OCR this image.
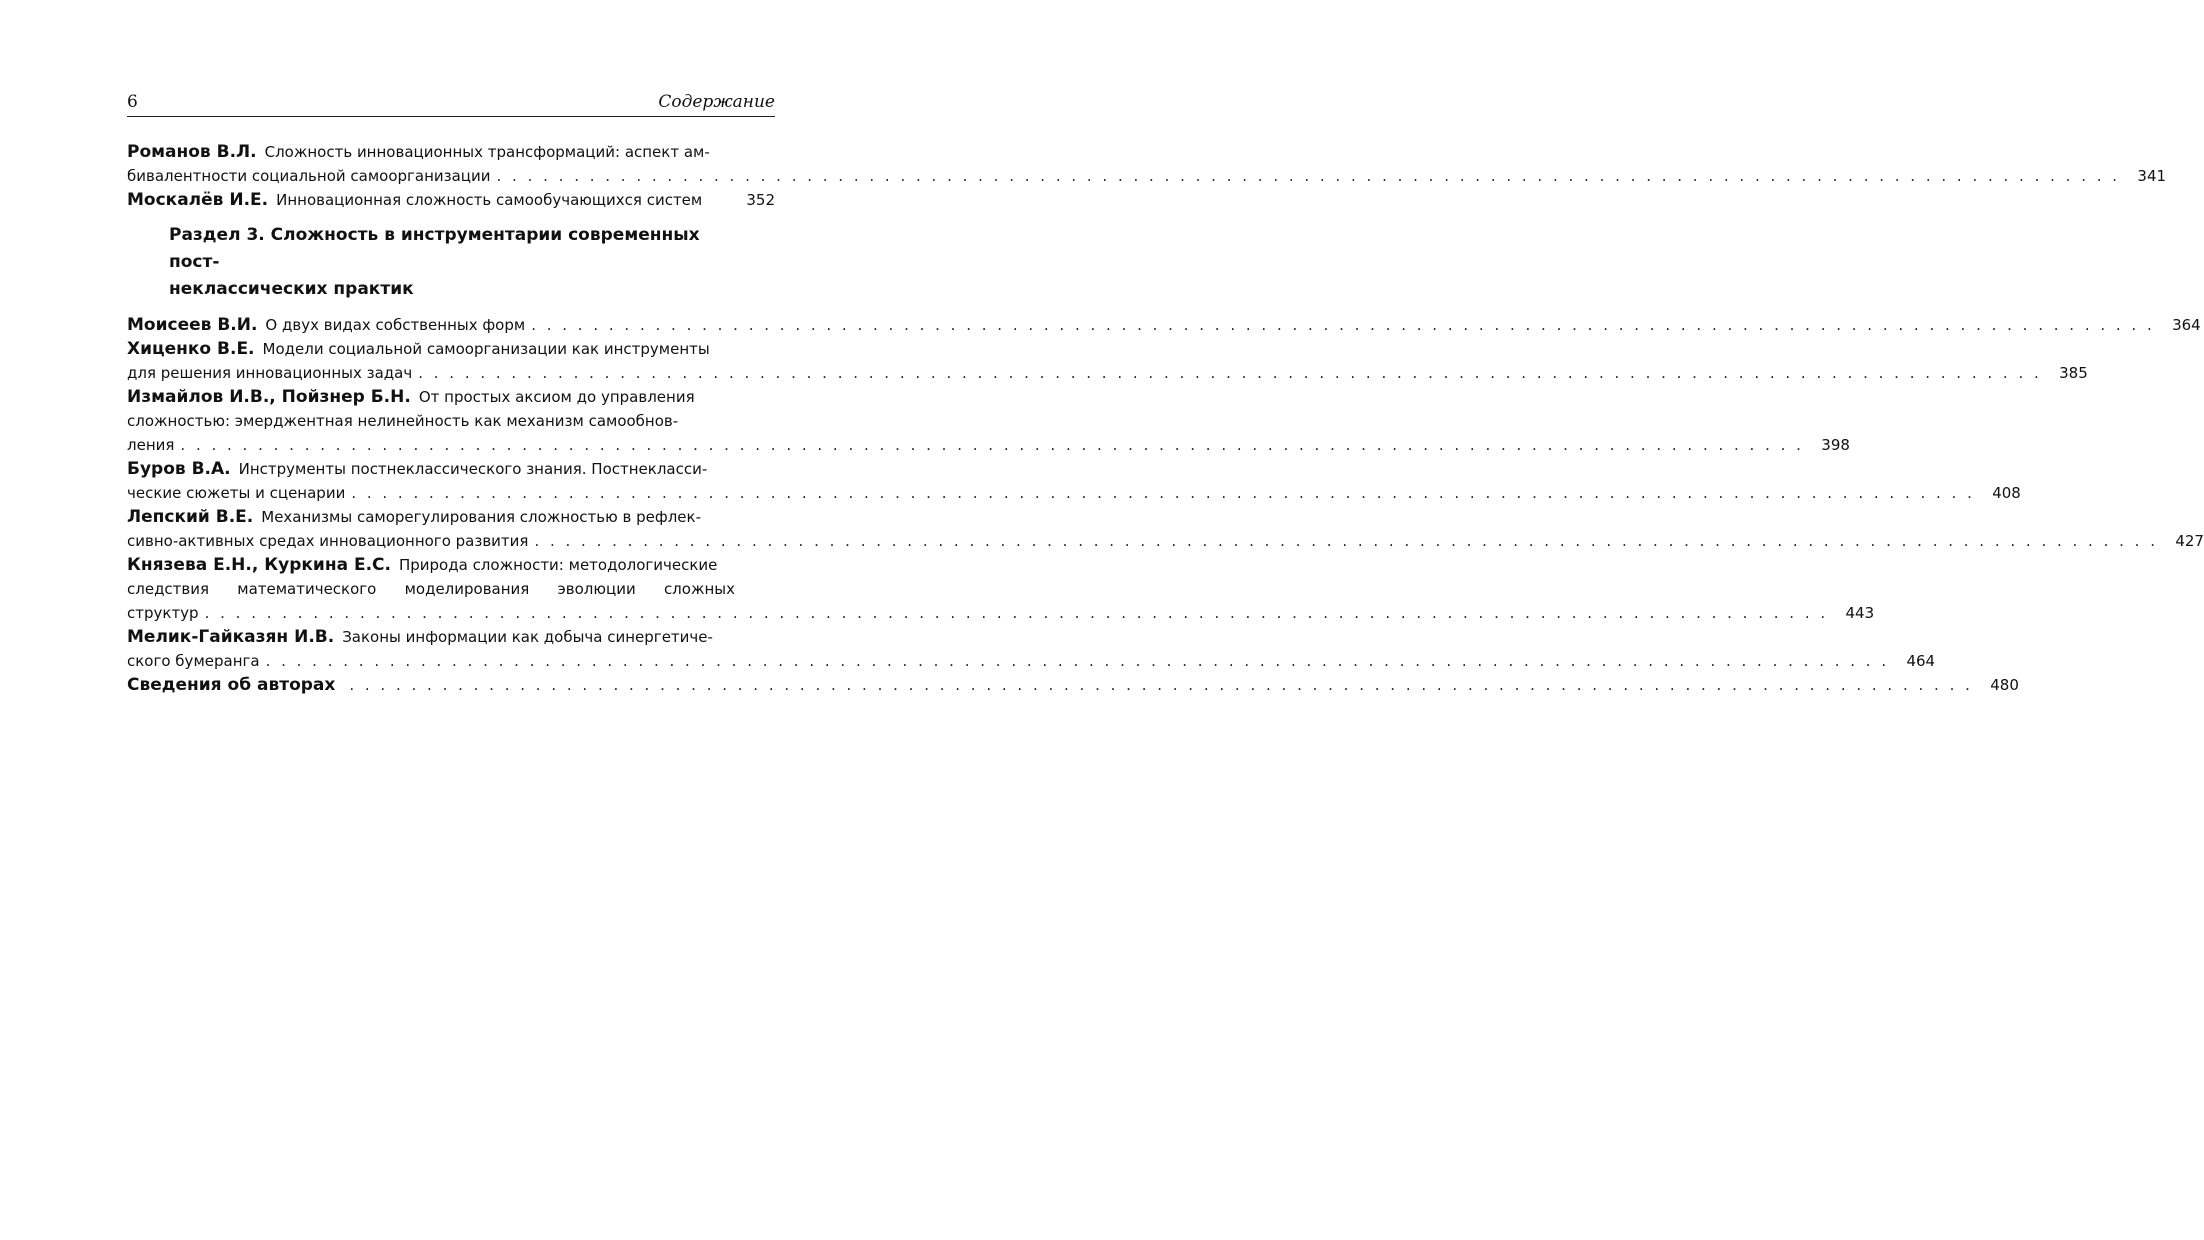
6	Содержание
Романов В.Л. Сложность инновационных трансформаций: аспект ам-
бивалентности социальной самоорганизации . . . . . . . . . . . . . . . . . . . . . . . . . . . . . . . . . . . . . . . . . . . . . . . . . . . . . . . . . . . . . . . . . . . . . . . . . . . . . . . . . . . . . . . . . . . . . . . . . . . . . . . . .	341
Москалёв И.Е. Инновационная сложность самообучающихся систем	352
Раздел 3. Сложность в инструментарии современных пост-
неклассических практик
Моисеев В.И. О двух видах собственных форм . . . . . . . . . . . . . . . . . . . . . . . . . . . . . . . . . . . . . . . . . . . . . . . . . . . . . . . . . . . . . . . . . . . . . . . . . . . . . . . . . . . . . . . . . . . . . . . . . . . . . . . . .	364
Хиценко В.Е. Модели социальной самоорганизации как инструменты
для решения инновационных задач . . . . . . . . . . . . . . . . . . . . . . . . . . . . . . . . . . . . . . . . . . . . . . . . . . . . . . . . . . . . . . . . . . . . . . . . . . . . . . . . . . . . . . . . . . . . . . . . . . . . . . . . .	385
Измайлов И.В., Пойзнер Б.Н. От простых аксиом до управления
сложностью: эмерджентная нелинейность как механизм самообнов-
ления . . . . . . . . . . . . . . . . . . . . . . . . . . . . . . . . . . . . . . . . . . . . . . . . . . . . . . . . . . . . . . . . . . . . . . . . . . . . . . . . . . . . . . . . . . . . . . . . . . . . . . . . .	398
Буров В.А. Инструменты постнеклассического знания. Постнекласси-
ческие сюжеты и сценарии . . . . . . . . . . . . . . . . . . . . . . . . . . . . . . . . . . . . . . . . . . . . . . . . . . . . . . . . . . . . . . . . . . . . . . . . . . . . . . . . . . . . . . . . . . . . . . . . . . . . . . . . .	408
Лепский В.Е. Механизмы саморегулирования сложностью в рефлек-
сивно-активных средах инновационного развития . . . . . . . . . . . . . . . . . . . . . . . . . . . . . . . . . . . . . . . . . . . . . . . . . . . . . . . . . . . . . . . . . . . . . . . . . . . . . . . . . . . . . . . . . . . . . . . . . . . . . . . . .	427
Князева Е.Н., Куркина Е.С. Природа сложности: методологические
следствия математического моделирования эволюции сложных
структур . . . . . . . . . . . . . . . . . . . . . . . . . . . . . . . . . . . . . . . . . . . . . . . . . . . . . . . . . . . . . . . . . . . . . . . . . . . . . . . . . . . . . . . . . . . . . . . . . . . . . . . . .	443
Мелик-Гайказян И.В. Законы информации как добыча синергетиче-
ского бумеранга . . . . . . . . . . . . . . . . . . . . . . . . . . . . . . . . . . . . . . . . . . . . . . . . . . . . . . . . . . . . . . . . . . . . . . . . . . . . . . . . . . . . . . . . . . . . . . . . . . . . . . . . .	464
Сведения об авторах . . . . . . . . . . . . . . . . . . . . . . . . . . . . . . . . . . . . . . . . . . . . . . . . . . . . . . . . . . . . . . . . . . . . . . . . . . . . . . . . . . . . . . . . . . . . . . . . . . . . . . . . .	480
